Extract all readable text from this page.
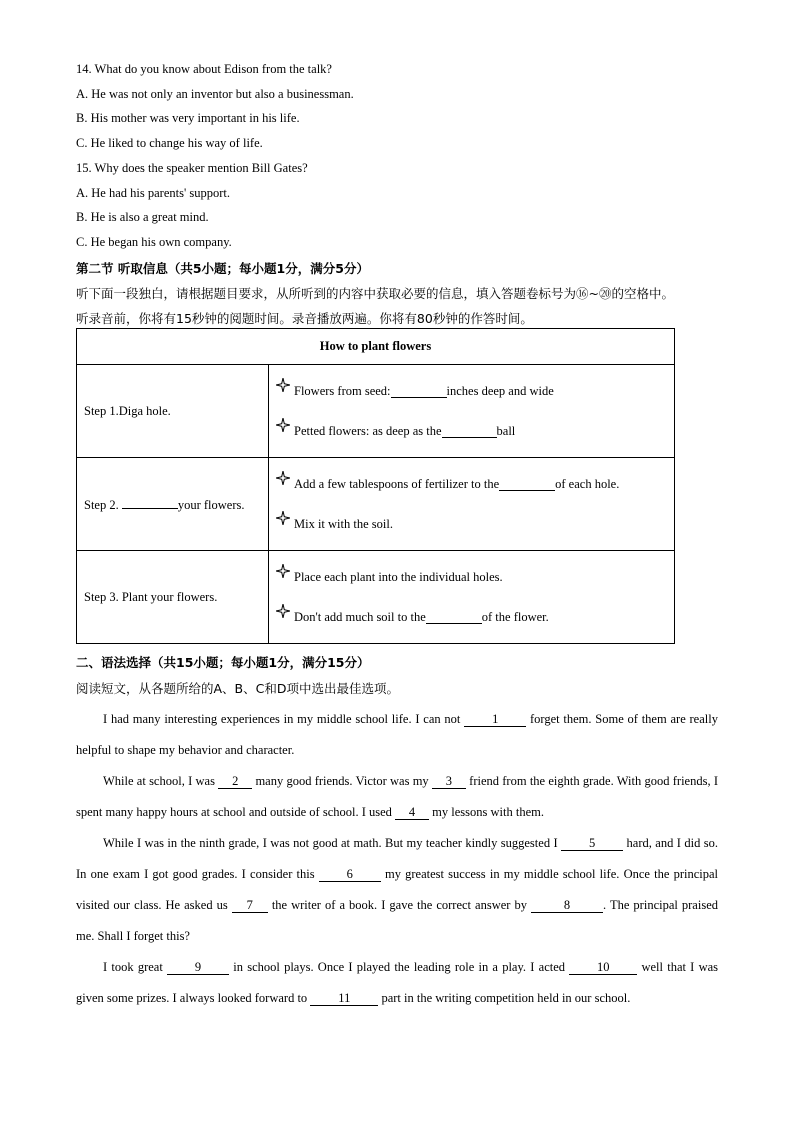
14. What do you know about Edison from the talk?
A. He was not only an inventor but also a businessman.
B. His mother was very important in his life.
C. He liked to change his way of life.
15. Why does the speaker mention Bill Gates?
A. He had his parents' support.
B. He is also a great mind.
C. He began his own company.
第二节 听取信息（共5小题；每小题1分，满分5分）
听下面一段独白，请根据题目要求，从所听到的内容中获取必要的信息，填入答题卷标号为⑯~⑳的空格中。
听录音前，你将有15秒钟的阅题时间。录音播放两遍。你将有80秒钟的作答时间。
How to plant flowers	
Step 1.Diga hole.	Flowers from seed: inches deep and wide
Petted flowers: as deep as the ball

Step 2. your flowers.	Add a few tablespoons of fertilizer to the of each hole.
Mix it with the soil.

Step 3. Plant your flowers.	Place each plant into the individual holes.
Don't add much soil to the of the flower.
二、语法选择（共15小题；每小题1分，满分15分）
阅读短文，从各题所给的A、B、C和D项中选出最佳选项。

I had many interesting experiences in my middle school life. I can not 1 forget them. Some of them are really helpful to shape my behavior and character.

While at school, I was 2 many good friends. Victor was my 3 friend from the eighth grade. With good friends, I spent many happy hours at school and outside of school. I used 4 my lessons with them.

While I was in the ninth grade, I was not good at math. But my teacher kindly suggested I 5 hard, and I did so. In one exam I got good grades. I consider this 6 my greatest success in my middle school life. Once the principal visited our class. He asked us 7 the writer of a book. I gave the correct answer by	8	. The principal praised me. Shall I forget this?

I took great 9 in school plays. Once I played the leading role in a play. I acted 10 well that I was given some prizes. I always looked forward to 11 part in the writing competition held in our school.
